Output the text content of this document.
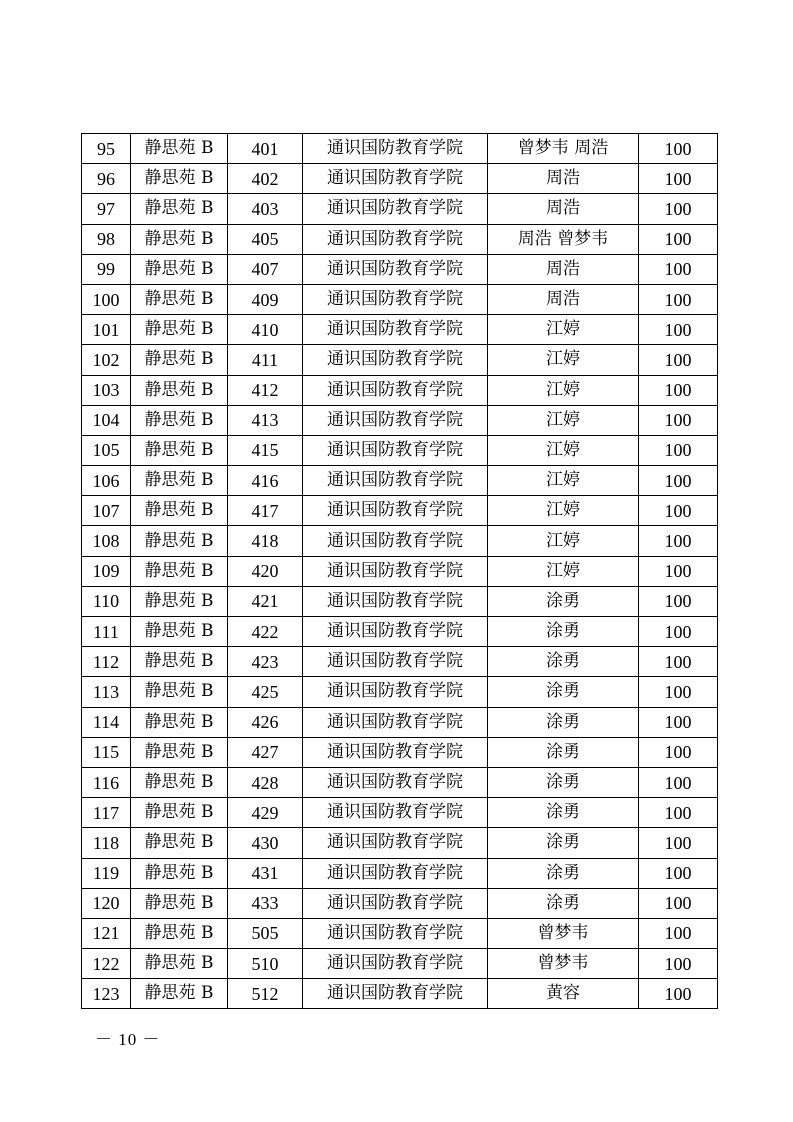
95	静思苑 B	401	通识国防教育学院	曾梦韦 周浩	100
96	静思苑 B	402	通识国防教育学院	周浩	100
97	静思苑 B	403	通识国防教育学院	周浩	100
98	静思苑 B	405	通识国防教育学院	周浩 曾梦韦	100
99	静思苑 B	407	通识国防教育学院	周浩	100
100	静思苑 B	409	通识国防教育学院	周浩	100
101	静思苑 B	410	通识国防教育学院	江婷	100
102	静思苑 B	411	通识国防教育学院	江婷	100
103	静思苑 B	412	通识国防教育学院	江婷	100
104	静思苑 B	413	通识国防教育学院	江婷	100
105	静思苑 B	415	通识国防教育学院	江婷	100
106	静思苑 B	416	通识国防教育学院	江婷	100
107	静思苑 B	417	通识国防教育学院	江婷	100
108	静思苑 B	418	通识国防教育学院	江婷	100
109	静思苑 B	420	通识国防教育学院	江婷	100
110	静思苑 B	421	通识国防教育学院	涂勇	100
111	静思苑 B	422	通识国防教育学院	涂勇	100
112	静思苑 B	423	通识国防教育学院	涂勇	100
113	静思苑 B	425	通识国防教育学院	涂勇	100
114	静思苑 B	426	通识国防教育学院	涂勇	100
115	静思苑 B	427	通识国防教育学院	涂勇	100
116	静思苑 B	428	通识国防教育学院	涂勇	100
117	静思苑 B	429	通识国防教育学院	涂勇	100
118	静思苑 B	430	通识国防教育学院	涂勇	100
119	静思苑 B	431	通识国防教育学院	涂勇	100
120	静思苑 B	433	通识国防教育学院	涂勇	100
121	静思苑 B	505	通识国防教育学院	曾梦韦	100
122	静思苑 B	510	通识国防教育学院	曾梦韦	100
123	静思苑 B	512	通识国防教育学院	黄容	100
－ 10 －
